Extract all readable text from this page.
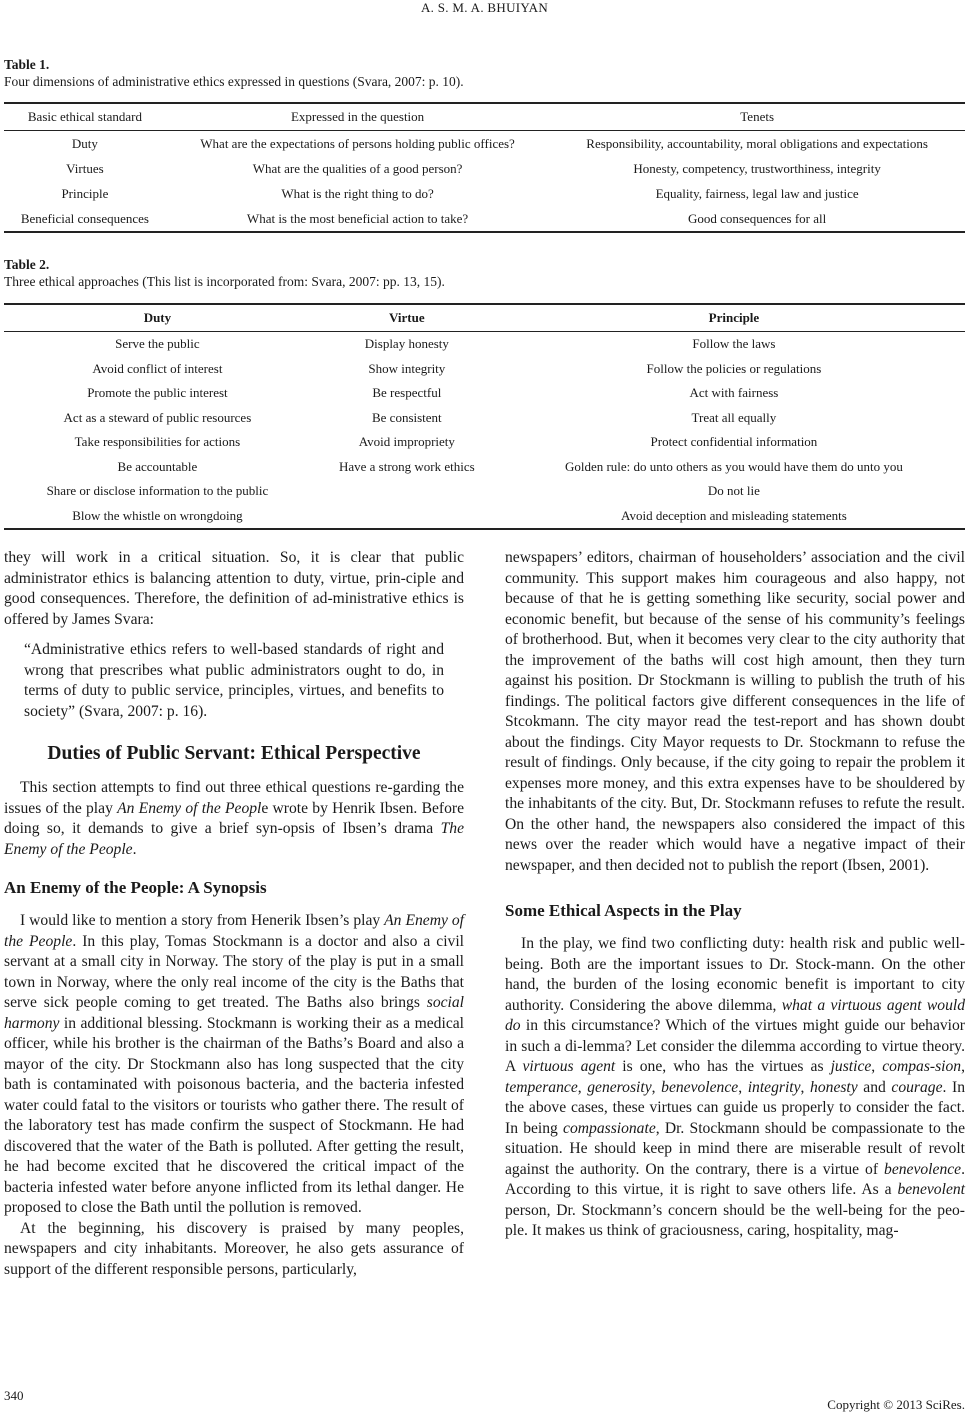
A. S. M. A. BHUIYAN
Table 1.
Four dimensions of administrative ethics expressed in questions (Svara, 2007: p. 10).
Basic ethical standard	Expressed in the question	Tenets
Duty	What are the expectations of persons holding public offices?	Responsibility, accountability, moral obligations and expectations
Virtues	What are the qualities of a good person?	Honesty, competency, trustworthiness, integrity
Principle	What is the right thing to do?	Equality, fairness, legal law and justice
Beneficial consequences	What is the most beneficial action to take?	Good consequences for all
Table 2.
Three ethical approaches (This list is incorporated from: Svara, 2007: pp. 13, 15).
Duty	Virtue	Principle
Serve the public	Display honesty	Follow the laws
Avoid conflict of interest	Show integrity	Follow the policies or regulations
Promote the public interest	Be respectful	Act with fairness
Act as a steward of public resources	Be consistent	Treat all equally
Take responsibilities for actions	Avoid impropriety	Protect confidential information
Be accountable	Have a strong work ethics	Golden rule: do unto others as you would have them do unto you
Share or disclose information to the public		Do not lie
Blow the whistle on wrongdoing		Avoid deception and misleading statements

they will work in a critical situation. So, it is clear that public administrator ethics is balancing attention to duty, virtue, prin-ciple and good consequences. Therefore, the definition of ad-ministrative ethics is offered by James Svara:

“Administrative ethics refers to well-based standards of right and wrong that prescribes what public administrators ought to do, in terms of duty to public service, principles, virtues, and benefits to society” (Svara, 2007: p. 16).

Duties of Public Servant: Ethical Perspective

This section attempts to find out three ethical questions re-garding the issues of the play An Enemy of the People wrote by Henrik Ibsen. Before doing so, it demands to give a brief syn-opsis of Ibsen’s drama The Enemy of the People.

An Enemy of the People: A Synopsis

I would like to mention a story from Henerik Ibsen’s play An Enemy of the People. In this play, Tomas Stockmann is a doctor and also a civil servant at a small city in Norway. The story of the play is put in a small town in Norway, where the only real income of the city is the Baths that serve sick people coming to get treated. The Baths also brings social harmony in additional blessing. Stockmann is working their as a medical officer, while his brother is the chairman of the Baths’s Board and also a mayor of the city. Dr Stockmann also has long suspected that the city bath is contaminated with poisonous bacteria, and the bacteria infested water could fatal to the visitors or tourists who gather there. The result of the laboratory test has made confirm the suspect of Stockmann. He had discovered that the water of the Bath is polluted. After getting the result, he had become excited that he discovered the critical impact of the bacteria infested water before anyone inflicted from its lethal danger. He proposed to close the Bath until the pollution is removed.

At the beginning, his discovery is praised by many peoples, newspapers and city inhabitants. Moreover, he also gets assurance of support of the different responsible persons, particularly,

newspapers’ editors, chairman of householders’ association and the civil community. This support makes him courageous and also happy, not because of that he is getting something like security, social power and economic benefit, but because of the sense of his community’s feelings of brotherhood. But, when it becomes very clear to the city authority that the improvement of the baths will cost high amount, then they turn against his position. Dr Stockmann is willing to publish the truth of his findings. The political factors give different consequences in the life of Stcokmann. The city mayor read the test-report and has shown doubt about the findings. City Mayor requests to Dr. Stockmann to refuse the result of findings. Only because, if the city going to repair the problem it expenses more money, and this extra expenses have to be shouldered by the inhabitants of the city. But, Dr. Stockmann refuses to refute the result. On the other hand, the newspapers also considered the impact of this news over the reader which would have a negative impact of their newspaper, and then decided not to publish the report (Ibsen, 2001).

Some Ethical Aspects in the Play

In the play, we find two conflicting duty: health risk and public well-being. Both are the important issues to Dr. Stock-mann. On the other hand, the burden of the losing economic benefit is important to city authority. Considering the above dilemma, what a virtuous agent would do in this circumstance? Which of the virtues might guide our behavior in such a di-lemma? Let consider the dilemma according to virtue theory. A virtuous agent is one, who has the virtues as justice, compas-sion, temperance, generosity, benevolence, integrity, honesty and courage. In the above cases, these virtues can guide us properly to consider the fact. In being compassionate, Dr. Stockmann should be compassionate to the situation. He should keep in mind there are miserable result of revolt against the authority. On the contrary, there is a virtue of benevolence. According to this virtue, it is right to save others life. As a benevolent person, Dr. Stockmann’s concern should be the well-being for the peo-ple. It makes us think of graciousness, caring, hospitality, mag-

340
Copyright © 2013 SciRes.
